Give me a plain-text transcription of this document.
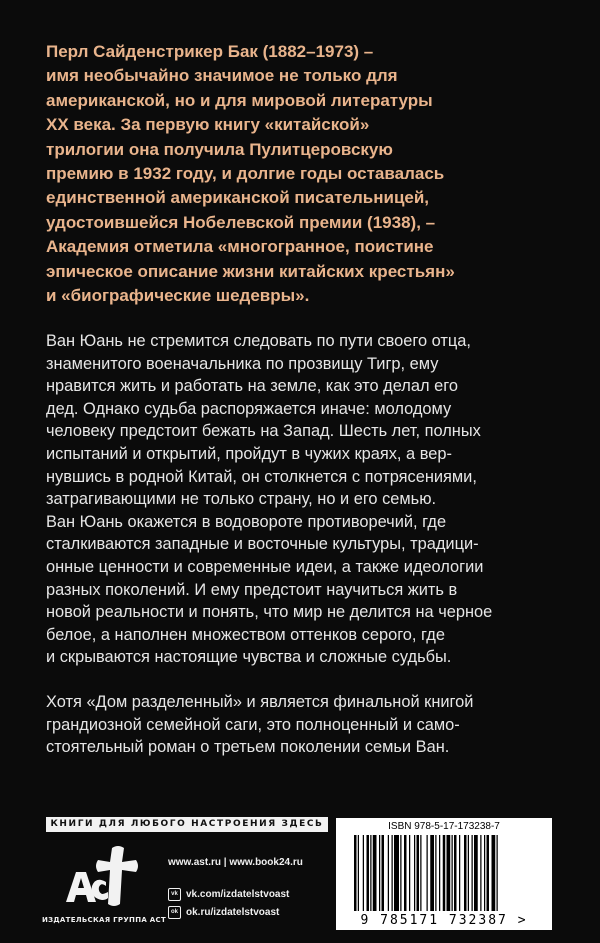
Перл Сайденстрикер Бак (1882–1973) –
имя необычайно значимое не только для
американской, но и для мировой литературы
XX века. За первую книгу «китайской»
трилогии она получила Пулитцеровскую
премию в 1932 году, и долгие годы оставалась
единственной американской писательницей,
удостоившейся Нобелевской премии (1938), –
Академия отметила «многогранное, поистине
эпическое описание жизни китайских крестьян»
и «биографические шедевры».

Ван Юань не стремится следовать по пути своего отца,
знаменитого военачальника по прозвищу Тигр, ему
нравится жить и работать на земле, как это делал его
дед. Однако судьба распоряжается иначе: молодому
человеку предстоит бежать на Запад. Шесть лет, полных
испытаний и открытий, пройдут в чужих краях, а вер-
нувшись в родной Китай, он столкнется с потрясениями,
затрагивающими не только страну, но и его семью.
Ван Юань окажется в водовороте противоречий, где
сталкиваются западные и восточные культуры, традици-
онные ценности и современные идеи, а также идеологии
разных поколений. И ему предстоит научиться жить в
новой реальности и понять, что мир не делится на черное
белое, а наполнен множеством оттенков серого, где
и скрываются настоящие чувства и сложные судьбы.

Хотя «Дом разделенный» и является финальной книгой
грандиозной семейной саги, это полноценный и само-
стоятельный роман о третьем поколении семьи Ван.

КНИГИ ДЛЯ ЛЮБОГО НАСТРОЕНИЯ ЗДЕСЬ
ИЗДАТЕЛЬСКАЯ ГРУППА АСТ
www.ast.ru | www.book24.ru
vk vk.com/izdatelstvoast
ok ok.ru/izdatelstvoast
ISBN 978-5-17-173238-7
9 785171 732387 >
